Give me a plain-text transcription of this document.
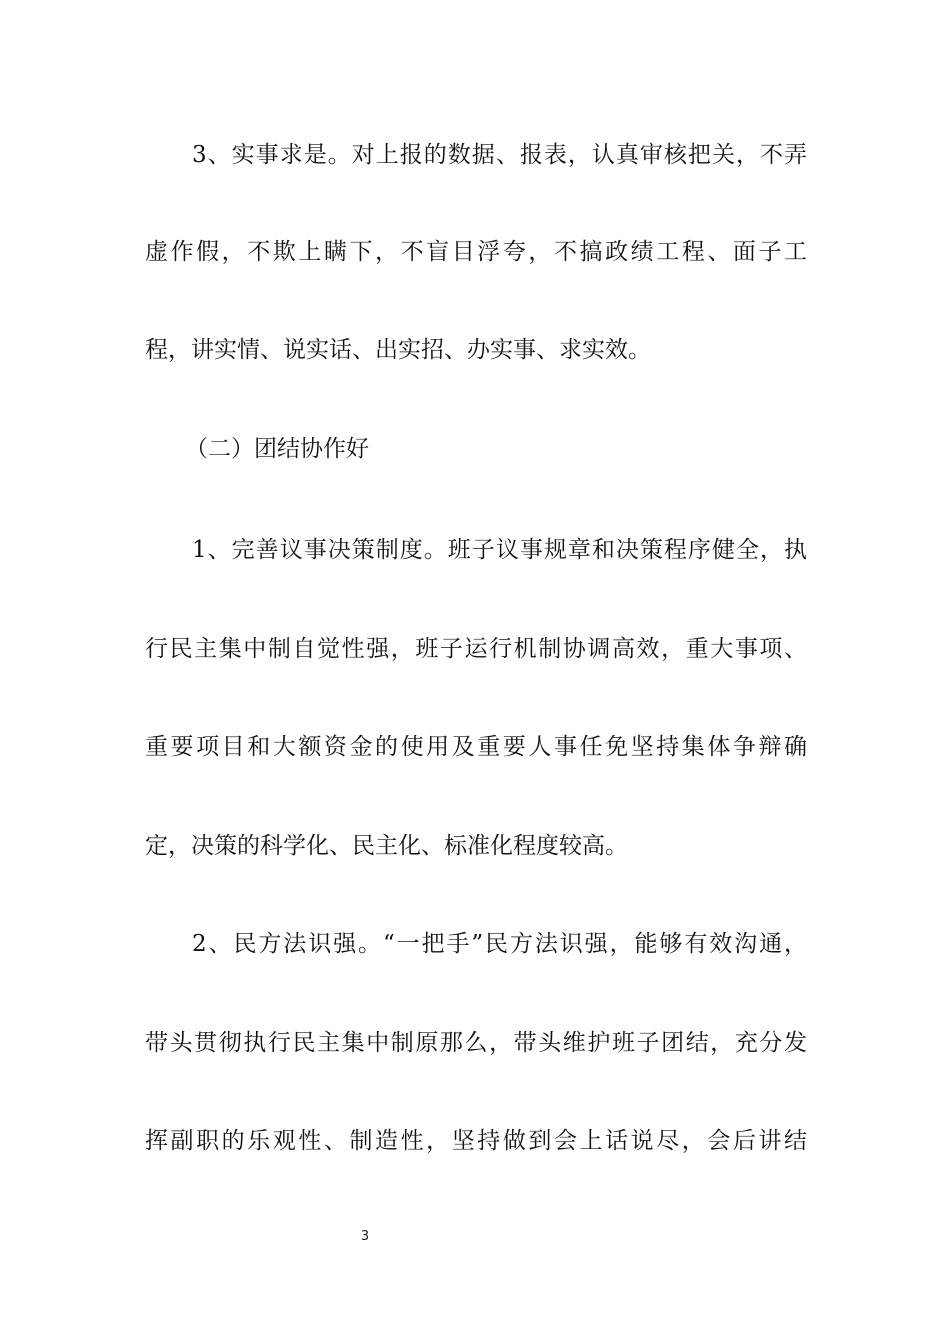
3、实事求是。对上报的数据、报表，认真审核把关，不弄
虚作假，不欺上瞒下，不盲目浮夸，不搞政绩工程、面子工
程，讲实情、说实话、出实招、办实事、求实效。
（二）团结协作好
1、完善议事决策制度。班子议事规章和决策程序健全，执
行民主集中制自觉性强，班子运行机制协调高效，重大事项、
重要项目和大额资金的使用及重要人事任免坚持集体争辩确
定，决策的科学化、民主化、标准化程度较高。
2、民方法识强。“一把手”民方法识强，能够有效沟通，
带头贯彻执行民主集中制原那么，带头维护班子团结，充分发
挥副职的乐观性、制造性，坚持做到会上话说尽，会后讲结
3
